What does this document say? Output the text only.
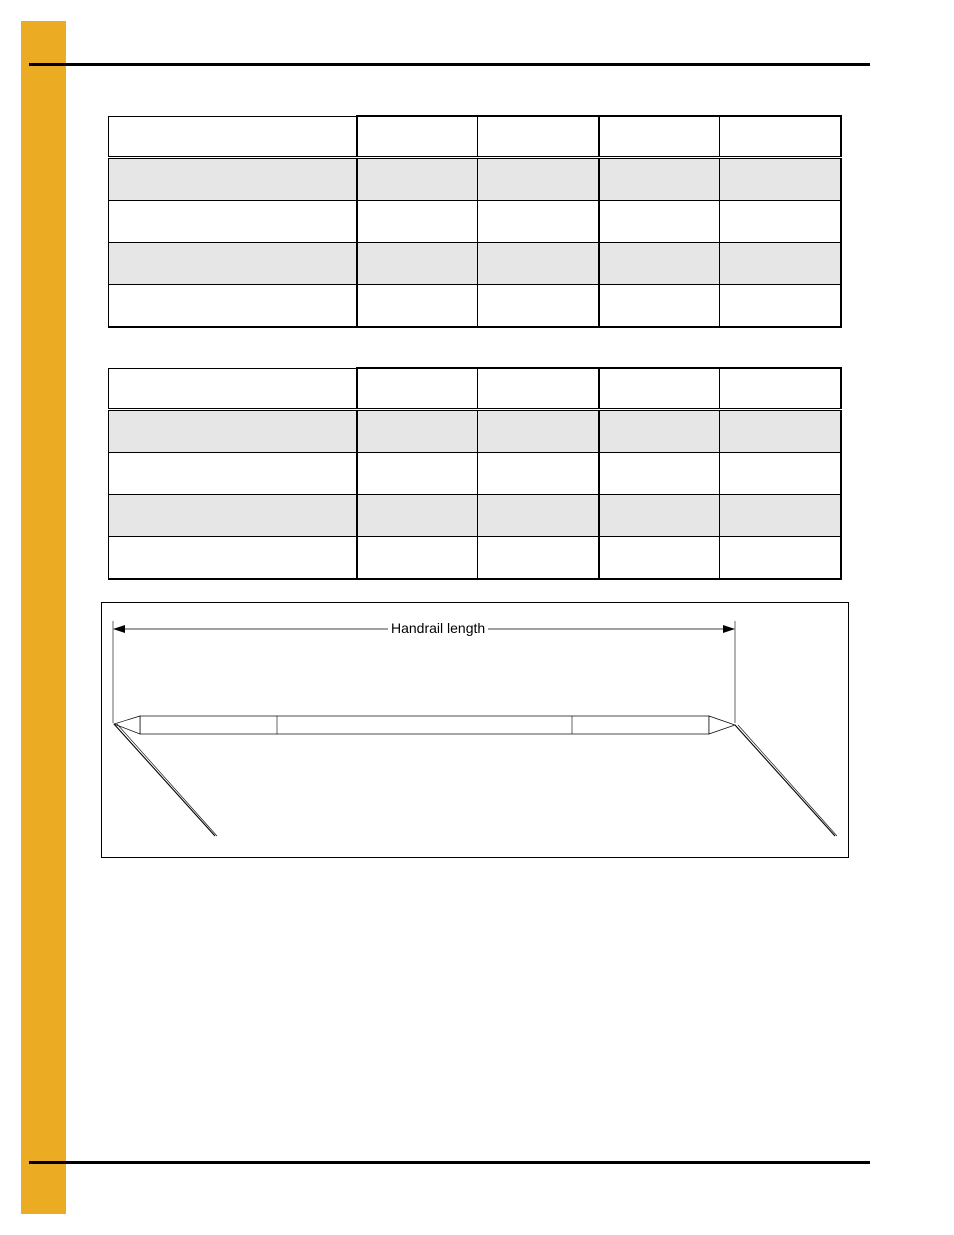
Handrail length
